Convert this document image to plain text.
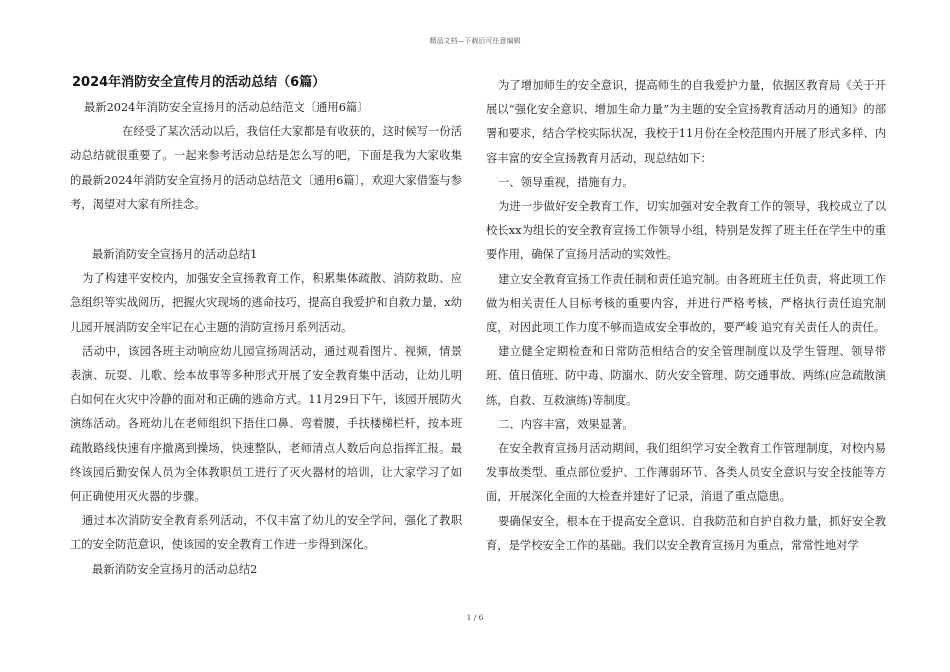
精品文档—下载后可任意编辑
2024年消防安全宣传月的活动总结（6篇）

最新2024年消防安全宣扬月的活动总结范文〔通用6篇〕

在经受了某次活动以后，我信任大家都是有收获的，这时候写一份活动总结就很重要了。一起来参考活动总结是怎么写的吧，下面是我为大家收集的最新2024年消防安全宣扬月的活动总结范文〔通用6篇〕，欢迎大家借鉴与参考，渴望对大家有所挂念。

最新消防安全宣扬月的活动总结1

为了构建平安校内，加强安全宣扬教育工作，积累集体疏散、消防救助、应急组织等实战阅历，把握火灾现场的逃命技巧，提高自我爱护和自救力量，x幼儿园开展消防安全牢记在心主题的消防宣扬月系列活动。

活动中，该园各班主动响应幼儿园宣扬周活动，通过观看图片、视频，情景表演、玩耍、儿歌、绘本故事等多种形式开展了安全教育集中活动，让幼儿明白如何在火灾中冷静的面对和正确的逃命方式。11月29日下午，该园开展防火演练活动。各班幼儿在老师组织下捂住口鼻、弯着腰，手扶楼梯栏杆，按本班疏散路线快速有序撤离到操场，快速整队，老师清点人数后向总指挥汇报。最终该园后勤安保人员为全体教职员工进行了灭火器材的培训，让大家学习了如何正确使用灭火器的步骤。

通过本次消防安全教育系列活动，不仅丰富了幼儿的安全学问，强化了教职工的安全防范意识，使该园的安全教育工作进一步得到深化。

最新消防安全宣扬月的活动总结2

为了增加师生的安全意识，提高师生的自我爱护力量，依据区教育局《关于开展以“强化安全意识、增加生命力量”为主题的安全宣扬教育活动月的通知》的部署和要求，结合学校实际状况，我校于11月份在全校范围内开展了形式多样、内容丰富的安全宣扬教育月活动，现总结如下：

一、领导重视，措施有力。

为进一步做好安全教育工作，切实加强对安全教育工作的领导，我校成立了以校长xx为组长的安全教育宣扬工作领导小组，特别是发挥了班主任在学生中的重要作用，确保了宣扬月活动的实效性。

建立安全教育宣扬工作责任制和责任追究制。由各班班主任负责，将此项工作做为相关责任人目标考核的重要内容，并进行严格考核，严格执行责任追究制度，对因此项工作力度不够而造成安全事故的，要严峻 追究有关责任人的责任。

建立健全定期检查和日常防范相结合的安全管理制度以及学生管理、领导带班、值日值班、防中毒、防溺水、防火安全管理、防交通事故、两练(应急疏散演练，自救、互救演练)等制度。

二、内容丰富，效果显著。

在安全教育宣扬月活动期间，我们组织学习安全教育工作管理制度，对校内易发事故类型、重点部位爱护、工作薄弱环节、各类人员安全意识与安全技能等方面，开展深化全面的大检查并建好了记录，消退了重点隐患。

要确保安全，根本在于提高安全意识、自我防范和自护自救力量，抓好安全教育，是学校安全工作的基础。我们以安全教育宣扬月为重点，常常性地对学

1 / 6
